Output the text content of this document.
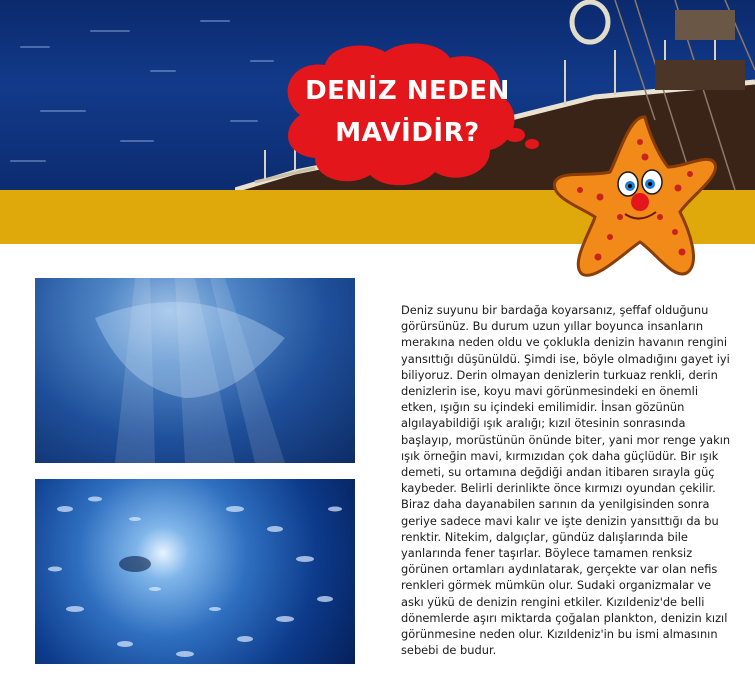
DENİZ NEDEN
MAVİDİR?

Deniz suyunu bir bardağa koyarsanız, şeffaf olduğunu görürsünüz. Bu durum uzun yıllar boyunca insanların merakına neden oldu ve çoklukla denizin havanın rengini yansıttığı düşünüldü. Şimdi ise, böyle olmadığını gayet iyi biliyoruz. Derin olmayan denizlerin turkuaz renkli, derin denizlerin ise, koyu mavi görünmesindeki en önemli etken, ışığın su içindeki emilimidir. İnsan gözünün algılayabildiği ışık aralığı; kızıl ötesinin sonrasında başlayıp, morüstünün önünde biter, yani mor renge yakın ışık örneğin mavi, kırmızıdan çok daha güçlüdür. Bir ışık demeti, su ortamına değdiği andan itibaren sırayla güç kaybeder. Belirli derinlikte önce kırmızı oyundan çekilir. Biraz daha dayanabilen sarının da yenilgisinden sonra geriye sadece mavi kalır ve işte denizin yansıttığı da bu renktir. Nitekim, dalgıçlar, gündüz dalışlarında bile yanlarında fener taşırlar. Böylece tamamen renksiz görünen ortamları aydınlatarak, gerçekte var olan nefis renkleri görmek mümkün olur. Sudaki organizmalar ve askı yükü de denizin rengini etkiler. Kızıldeniz'de belli dönemlerde aşırı miktarda çoğalan plankton, denizin kızıl görünmesine neden olur. Kızıldeniz'in bu ismi almasının sebebi de budur.
